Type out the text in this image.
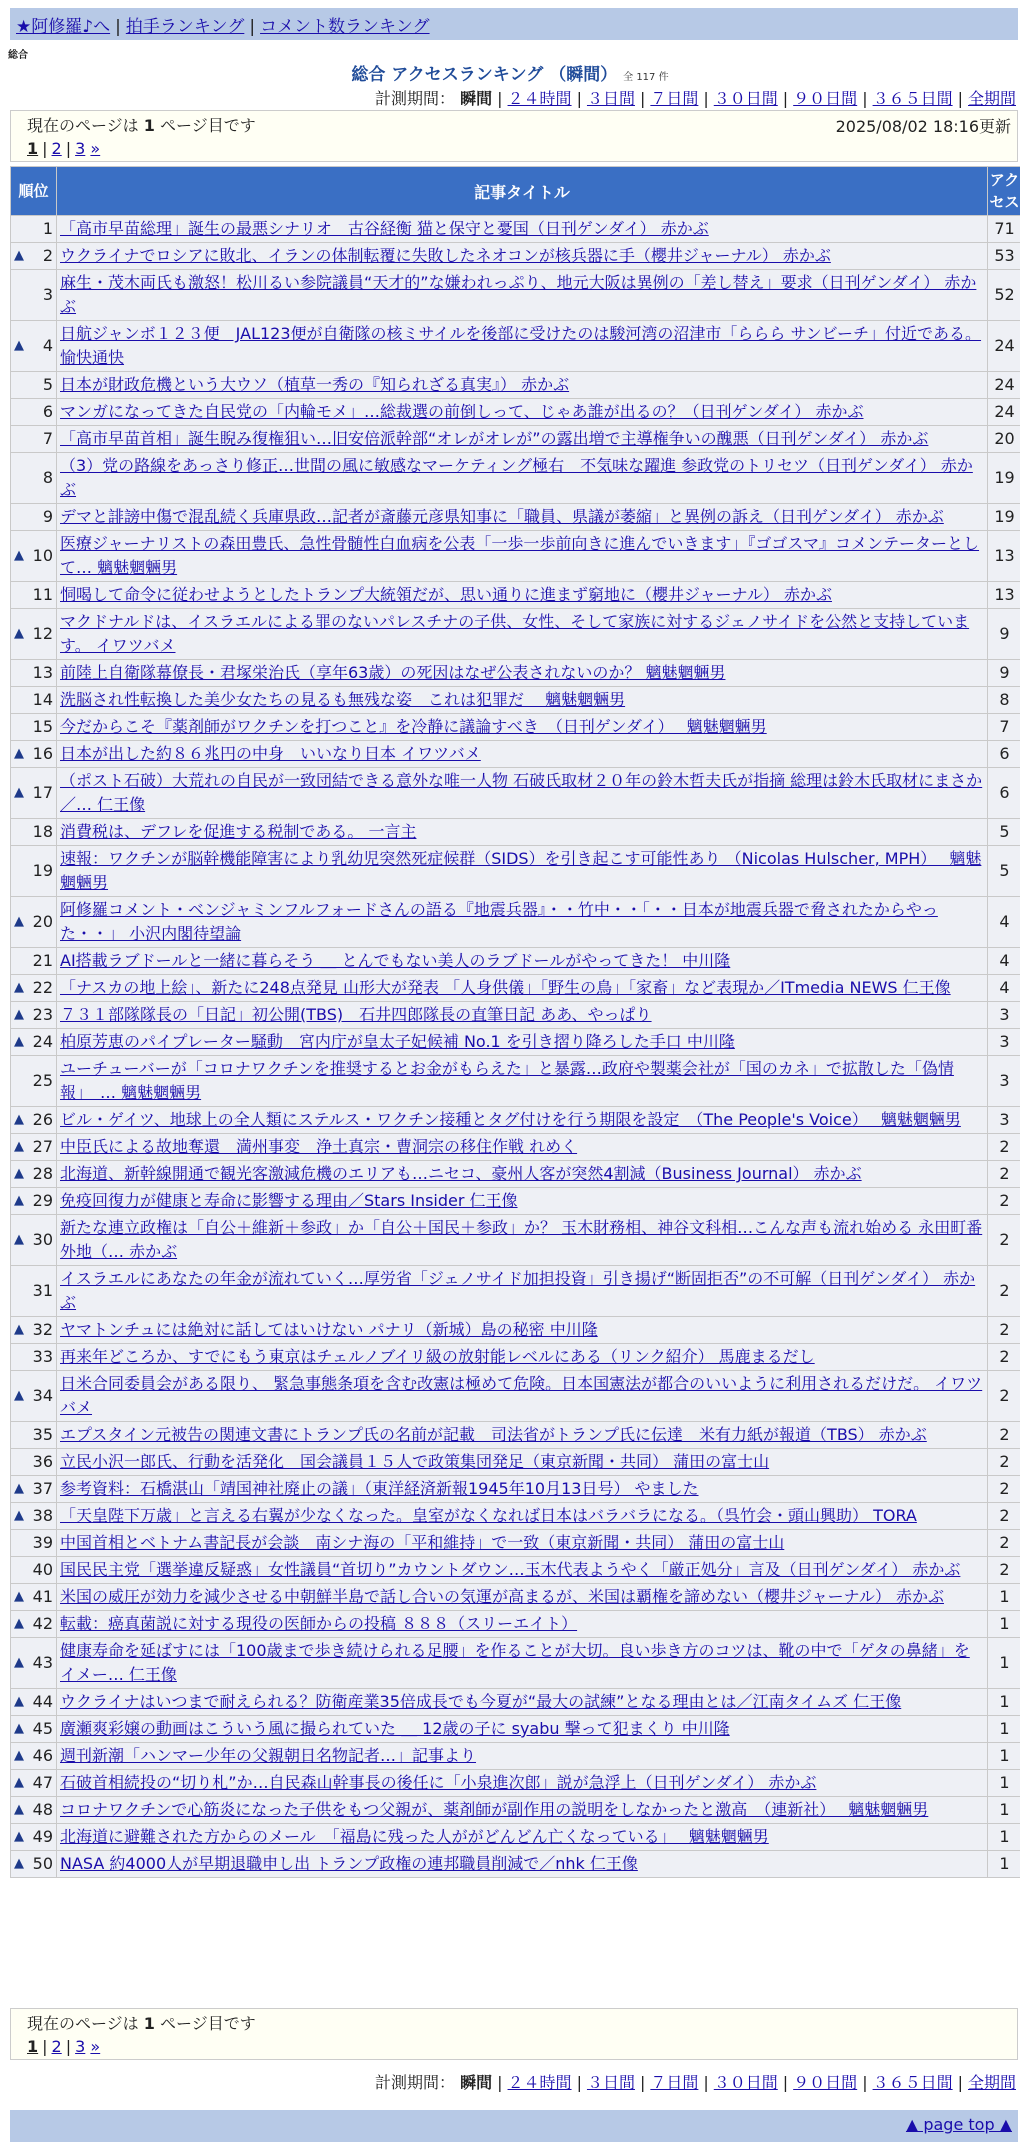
★阿修羅♪へ | 拍手ランキング | コメント数ランキング
総合
総合 アクセスランキング （瞬間） 全 117 件
計測期間： 瞬間 | ２４時間 | ３日間 | ７日間 | ３０日間 | ９０日間 | ３６５日間 | 全期間
現在のページは 1 ページ目です	2025/08/02 18:16更新
1 | 2 | 3 »
順位	記事タイトル	アクセス
1	「高市早苗総理」誕生の最悪シナリオ　古谷経衡 猫と保守と憂国（日刊ゲンダイ） 赤かぶ	71

▲ 2	ウクライナでロシアに敗北、イランの体制転覆に失敗したネオコンが核兵器に手（櫻井ジャーナル） 赤かぶ	53
3	麻生・茂木両氏も激怒！松川るい参院議員“天才的”な嫌われっぷり、地元大阪は異例の「差し替え」要求（日刊ゲンダイ） 赤かぶ	52

▲ 4	日航ジャンボ１２３便　JAL123便が自衛隊の核ミサイルを後部に受けたのは駿河湾の沼津市「ららら サンビーチ」付近である。 愉快通快	24
5	日本が財政危機という大ウソ（植草一秀の『知られざる真実』） 赤かぶ	24
6	マンガになってきた自民党の「内輪モメ」…総裁選の前倒しって、じゃあ誰が出るの？（日刊ゲンダイ） 赤かぶ	24
7	「高市早苗首相」誕生睨み復権狙い…旧安倍派幹部“オレがオレが”の露出増で主導権争いの醜悪（日刊ゲンダイ） 赤かぶ	20
8	（3）党の路線をあっさり修正…世間の風に敏感なマーケティング極右　不気味な躍進 参政党のトリセツ（日刊ゲンダイ） 赤かぶ	19
9	デマと誹謗中傷で混乱続く兵庫県政…記者が斎藤元彦県知事に「職員、県議が萎縮」と異例の訴え（日刊ゲンダイ） 赤かぶ	19

▲ 10	医療ジャーナリストの森田豊氏、急性骨髄性白血病を公表「一歩一歩前向きに進んでいきます」『ゴゴスマ』コメンテーターとして… 魑魅魍魎男	13
11	恫喝して命令に従わせようとしたトランプ大統領だが、思い通りに進まず窮地に（櫻井ジャーナル） 赤かぶ	13

▲ 12	マクドナルドは、イスラエルによる罪のないパレスチナの子供、女性、そして家族に対するジェノサイドを公然と支持しています。 イワツバメ	9
13	前陸上自衛隊幕僚長・君塚栄治氏（享年63歳）の死因はなぜ公表されないのか？ 魑魅魍魎男	9
14	洗脳され性転換した美少女たちの見るも無残な姿　これは犯罪だ　 魑魅魍魎男	8
15	今だからこそ『薬剤師がワクチンを打つこと』を冷静に議論すべき　（日刊ゲンダイ）　 魑魅魍魎男	7

▲ 16	日本が出した約８６兆円の中身　いいなり日本 イワツバメ	6

▲ 17	（ポスト石破）大荒れの自民が一致団結できる意外な唯一人物 石破氏取材２０年の鈴木哲夫氏が指摘 総理は鈴木氏取材にまさか／… 仁王像	6
18	消費税は、デフレを促進する税制である。 一言主	5
19	速報：ワクチンが脳幹機能障害により乳幼児突然死症候群（SIDS）を引き起こす可能性あり （Nicolas Hulscher, MPH）　 魑魅魍魎男	5

▲ 20	阿修羅コメント・ベンジャミンフルフォードさんの語る『地震兵器』・・竹中・・「・・日本が地震兵器で脅されたからやった・・」 小沢内閣待望論	4
21	AI搭載ラブドールと一緒に暮らそう ＿ とんでもない美人のラブドールがやってきた！ 中川隆	4

▲ 22	「ナスカの地上絵」、新たに248点発見 山形大が発表 「人身供儀」「野生の鳥」「家畜」など表現か／ITmedia NEWS 仁王像	4

▲ 23	７３１部隊隊長の「日記」初公開(TBS)　石井四郎隊長の直筆日記 ああ、やっぱり	3

▲ 24	柏原芳恵のパイプレーター騒動　宮内庁が皇太子妃候補 No.1 を引き摺り降ろした手口 中川隆	3
25	ユーチューバーが「コロナワクチンを推奨するとお金がもらえた」と暴露…政府や製薬会社が「国のカネ」で拡散した「偽情報」　… 魑魅魍魎男	3

▲ 26	ビル・ゲイツ、地球上の全人類にステルス・ワクチン接種とタグ付けを行う期限を設定　（The People's Voice）　 魑魅魍魎男	3

▲ 27	中臣氏による故地奪還　満州事変　浄土真宗・曹洞宗の移住作戦 れめく	2

▲ 28	北海道、新幹線開通で観光客激減危機のエリアも…ニセコ、豪州人客が突然4割減（Business Journal） 赤かぶ	2

▲ 29	免疫回復力が健康と寿命に影響する理由／Stars Insider 仁王像	2

▲ 30	新たな連立政権は「自公＋維新＋参政」か「自公＋国民＋参政」か？ 玉木財務相、神谷文科相…こんな声も流れ始める 永田町番外地（… 赤かぶ	2
31	イスラエルにあなたの年金が流れていく…厚労省「ジェノサイド加担投資」引き揚げ“断固拒否”の不可解（日刊ゲンダイ） 赤かぶ	2

▲ 32	ヤマトンチュには絶対に話してはいけない パナリ（新城）島の秘密 中川隆	2
33	再来年どころか、すでにもう東京はチェルノブイリ級の放射能レベルにある（リンク紹介） 馬鹿まるだし	2

▲ 34	日米合同委員会がある限り、 緊急事態条項を含む改憲は極めて危険。日本国憲法が都合のいいように利用されるだけだ。 イワツバメ	2
35	エプスタイン元被告の関連文書にトランプ氏の名前が記載　司法省がトランプ氏に伝達　米有力紙が報道（TBS） 赤かぶ	2
36	立民小沢一郎氏、行動を活発化　国会議員１５人で政策集団発足（東京新聞・共同） 蒲田の富士山	2

▲ 37	参考資料：石橋湛山「靖国神社廃止の議」（東洋経済新報1945年10月13日号） やました	2

▲ 38	「天皇陛下万歳」と言える右翼が少なくなった。皇室がなくなれば日本はバラバラになる。（呉竹会・頭山興助） TORA	2
39	中国首相とベトナム書記長が会談　南シナ海の「平和維持」で一致（東京新聞・共同） 蒲田の富士山	2
40	国民民主党「選挙違反疑惑」女性議員“首切り”カウントダウン…玉木代表ようやく「厳正処分」言及（日刊ゲンダイ） 赤かぶ	2

▲ 41	米国の威圧が効力を減少させる中朝鮮半島で話し合いの気運が高まるが、米国は覇権を諦めない（櫻井ジャーナル） 赤かぶ	1

▲ 42	転載：癌真菌説に対する現役の医師からの投稿 ８８８（スリーエイト）	1

▲ 43	健康寿命を延ばすには「100歳まで歩き続けられる足腰」を作ることが大切。良い歩き方のコツは、靴の中で「ゲタの鼻緒」をイメー… 仁王像	1

▲ 44	ウクライナはいつまで耐えられる？防衛産業35倍成長でも今夏が“最大の試練”となる理由とは／江南タイムズ 仁王像	1

▲ 45	廣瀬爽彩嬢の動画はこういう風に撮られていた ＿ 12歳の子に syabu 撃って犯まくり 中川隆	1

▲ 46	週刊新潮「ハンマー少年の父親朝日名物記者…」記事より	1

▲ 47	石破首相続投の“切り札”か…自民森山幹事長の後任に「小泉進次郎」説が急浮上（日刊ゲンダイ） 赤かぶ	1

▲ 48	コロナワクチンで心筋炎になった子供をもつ父親が、薬剤師が副作用の説明をしなかったと激高　（連新社）　 魑魅魍魎男	1

▲ 49	北海道に避難された方からのメール　「福島に残った人ががどんどん亡くなっている」　 魑魅魍魎男	1

▲ 50	NASA 約4000人が早期退職申し出 トランプ政権の連邦職員削減で／nhk 仁王像	1
現在のページは 1 ページ目です
1 | 2 | 3 »
計測期間： 瞬間 | ２４時間 | ３日間 | ７日間 | ３０日間 | ９０日間 | ３６５日間 | 全期間
▲ page top ▲
